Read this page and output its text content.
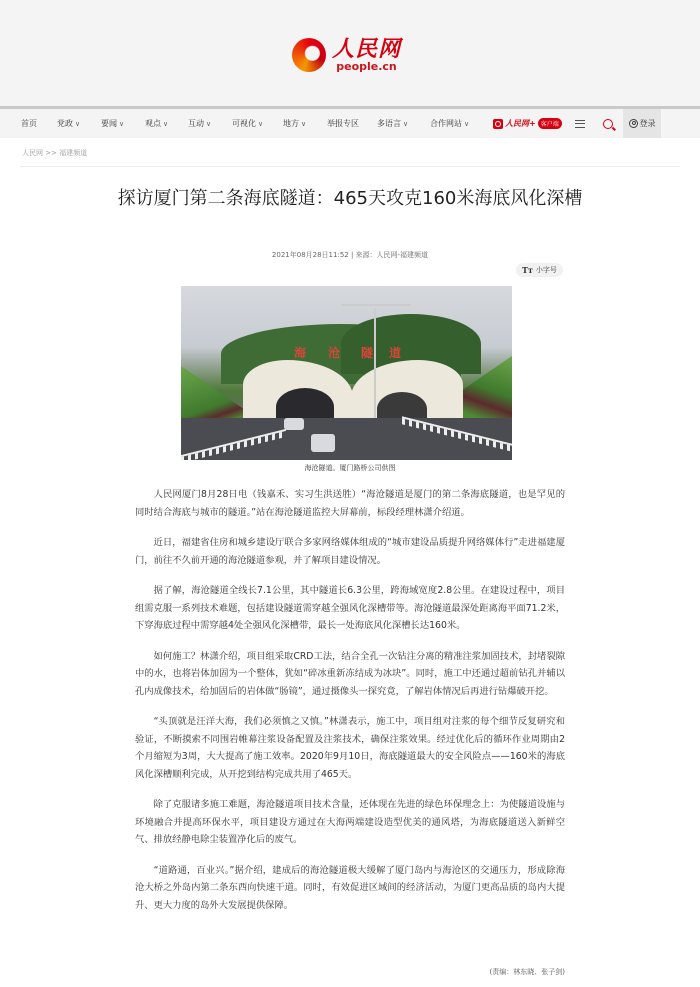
人民网
people.cn
首页	党政 ∨	要闻 ∨	观点 ∨ 互动 ∨	可视化 ∨ 地方 ∨	举报专区 多语言 ∨	合作网站 ∨	人民网+ 客户端	登录
人民网 >> 福建频道
探访厦门第二条海底隧道：465天攻克160米海底风化深槽
2021年08月28日11:52 | 来源：人民网-福建频道
Tт 小字号
海 沧 隧 道
海沧隧道。厦门路桥公司供图

人民网厦门8月28日电（钱嘉禾、实习生洪送胜）“海沧隧道是厦门的第二条海底隧道，也是罕见的同时结合海底与城市的隧道。”站在海沧隧道监控大屏幕前，标段经理林潇介绍道。

近日，福建省住房和城乡建设厅联合多家网络媒体组成的“城市建设品质提升网络媒体行”走进福建厦门，前往不久前开通的海沧隧道参观，并了解项目建设情况。

据了解，海沧隧道全线长7.1公里，其中隧道长6.3公里，跨海域宽度2.8公里。在建设过程中，项目组需克服一系列技术难题，包括建设隧道需穿越全强风化深槽带等。海沧隧道最深处距离海平面71.2米，下穿海底过程中需穿越4处全强风化深槽带，最长一处海底风化深槽长达160米。

如何施工？林潇介绍，项目组采取CRD工法，结合全孔一次钻注分离的精准注浆加固技术，封堵裂隙中的水，也将岩体加固为一个整体，犹如“碎冰重新冻结成为冰块”。同时，施工中还通过超前钻孔并辅以孔内成像技术，给加固后的岩体做“肠镜”，通过摄像头一探究竟，了解岩体情况后再进行钻爆破开挖。

“头顶就是汪洋大海，我们必须慎之又慎。”林潇表示，施工中，项目组对注浆的每个细节反复研究和验证，不断摸索不同围岩帷幕注浆设备配置及注浆技术，确保注浆效果。经过优化后的循环作业周期由2个月缩短为3周，大大提高了施工效率。2020年9月10日，海底隧道最大的安全风险点——160米的海底风化深槽顺利完成，从开挖到结构完成共用了465天。

除了克服诸多施工难题，海沧隧道项目技术含量，还体现在先进的绿色环保理念上：为使隧道设施与环境融合并提高环保水平，项目建设方通过在大海两端建设造型优美的通风塔，为海底隧道送入新鲜空气、排放经静电除尘装置净化后的废气。

“道路通，百业兴。”据介绍，建成后的海沧隧道极大缓解了厦门岛内与海沧区的交通压力，形成除海沧大桥之外岛内第二条东西向快速干道。同时，有效促进区域间的经济活动，为厦门更高品质的岛内大提升、更大力度的岛外大发展提供保障。

(责编：林东晓、张子剑)
